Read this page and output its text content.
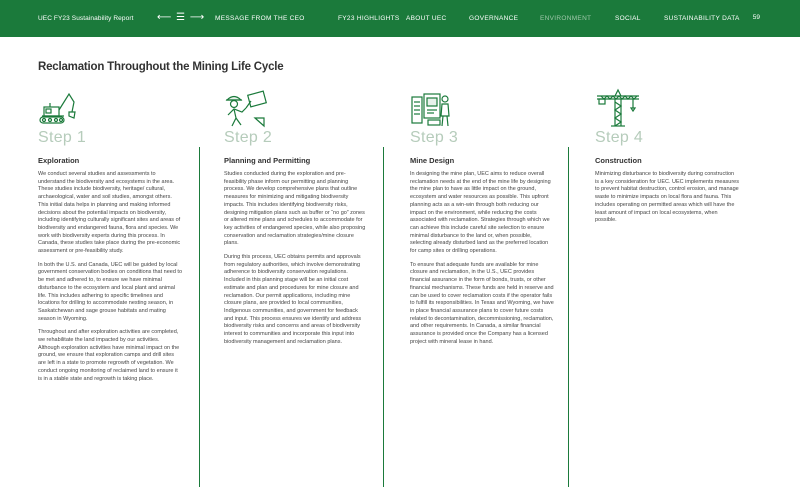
UEC FY23 Sustainability Report ⟵ ☰ ⟶ MESSAGE FROM THE CEO	FY23 HIGHLIGHTS ABOUT UEC	GOVERNANCE	ENVIRONMENT	SOCIAL	SUSTAINABILITY DATA 59
Reclamation Throughout the Mining Life Cycle
Step 1
Exploration

We conduct several studies and assessments to understand the biodiversity and ecosystems in the area. These studies include biodiversity, heritage/ cultural, archaeological, water and soil studies, amongst others. This initial data helps in planning and making informed decisions about the potential impacts on biodiversity, including identifying culturally significant sites and areas of biodiversity and endangered fauna, flora and species. We work with biodiversity experts during this process. In Canada, these studies take place during the pre-economic assessment or pre-feasibility study.

In both the U.S. and Canada, UEC will be guided by local government conservation bodies on conditions that need to be met and adhered to, to ensure we have minimal disturbance to the ecosystem and local plant and animal life. This includes adhering to specific timelines and locations for drilling to accommodate nesting season, in Saskatchewan and sage grouse habitats and mating season in Wyoming.

Throughout and after exploration activities are completed, we rehabilitate the land impacted by our activities. Although exploration activities have minimal impact on the ground, we ensure that exploration camps and drill sites are left in a state to promote regrowth of vegetation. We conduct ongoing monitoring of reclaimed land to ensure it is in a stable state and regrowth is taking place.

Step 2
Planning and Permitting

Studies conducted during the exploration and pre-feasibility phase inform our permitting and planning process. We develop comprehensive plans that outline measures for minimizing and mitigating biodiversity impacts. This includes identifying biodiversity risks, designing mitigation plans such as buffer or “no go” zones or altered mine plans and schedules to accommodate for key activities of endangered species, while also proposing conservation and reclamation strategies/mine closure plans.

During this process, UEC obtains permits and approvals from regulatory authorities, which involve demonstrating adherence to biodiversity conservation regulations. Included in this planning stage will be an initial cost estimate and plan and procedures for mine closure and reclamation. Our permit applications, including mine closure plans, are provided to local communities, Indigenous communities, and government for feedback and input. This process ensures we identify and address biodiversity risks and concerns and areas of biodiversity interest to communities and incorporate this input into biodiversity management and reclamation plans.

Step 3
Mine Design

In designing the mine plan, UEC aims to reduce overall reclamation needs at the end of the mine life by designing the mine plan to have as little impact on the ground, ecosystem and water resources as possible. This upfront planning acts as a win-win through both reducing our impact on the environment, while reducing the costs associated with reclamation. Strategies through which we can achieve this include careful site selection to ensure minimal disturbance to the land or, when possible, selecting already disturbed land as the preferred location for camp sites or drilling operations.

To ensure that adequate funds are available for mine closure and reclamation, in the U.S., UEC provides financial assurance in the form of bonds, trusts, or other financial mechanisms. These funds are held in reserve and can be used to cover reclamation costs if the operator fails to fulfill its responsibilities. In Texas and Wyoming, we have in place financial assurance plans to cover future costs related to decontamination, decommissioning, reclamation, and other requirements. In Canada, a similar financial assurance is provided once the Company has a licensed project with mineral lease in hand.

Step 4
Construction

Minimizing disturbance to biodiversity during construction is a key consideration for UEC. UEC implements measures to prevent habitat destruction, control erosion, and manage waste to minimize impacts on local flora and fauna. This includes operating on permitted areas which will have the least amount of impact on local ecosystems, when possible.
